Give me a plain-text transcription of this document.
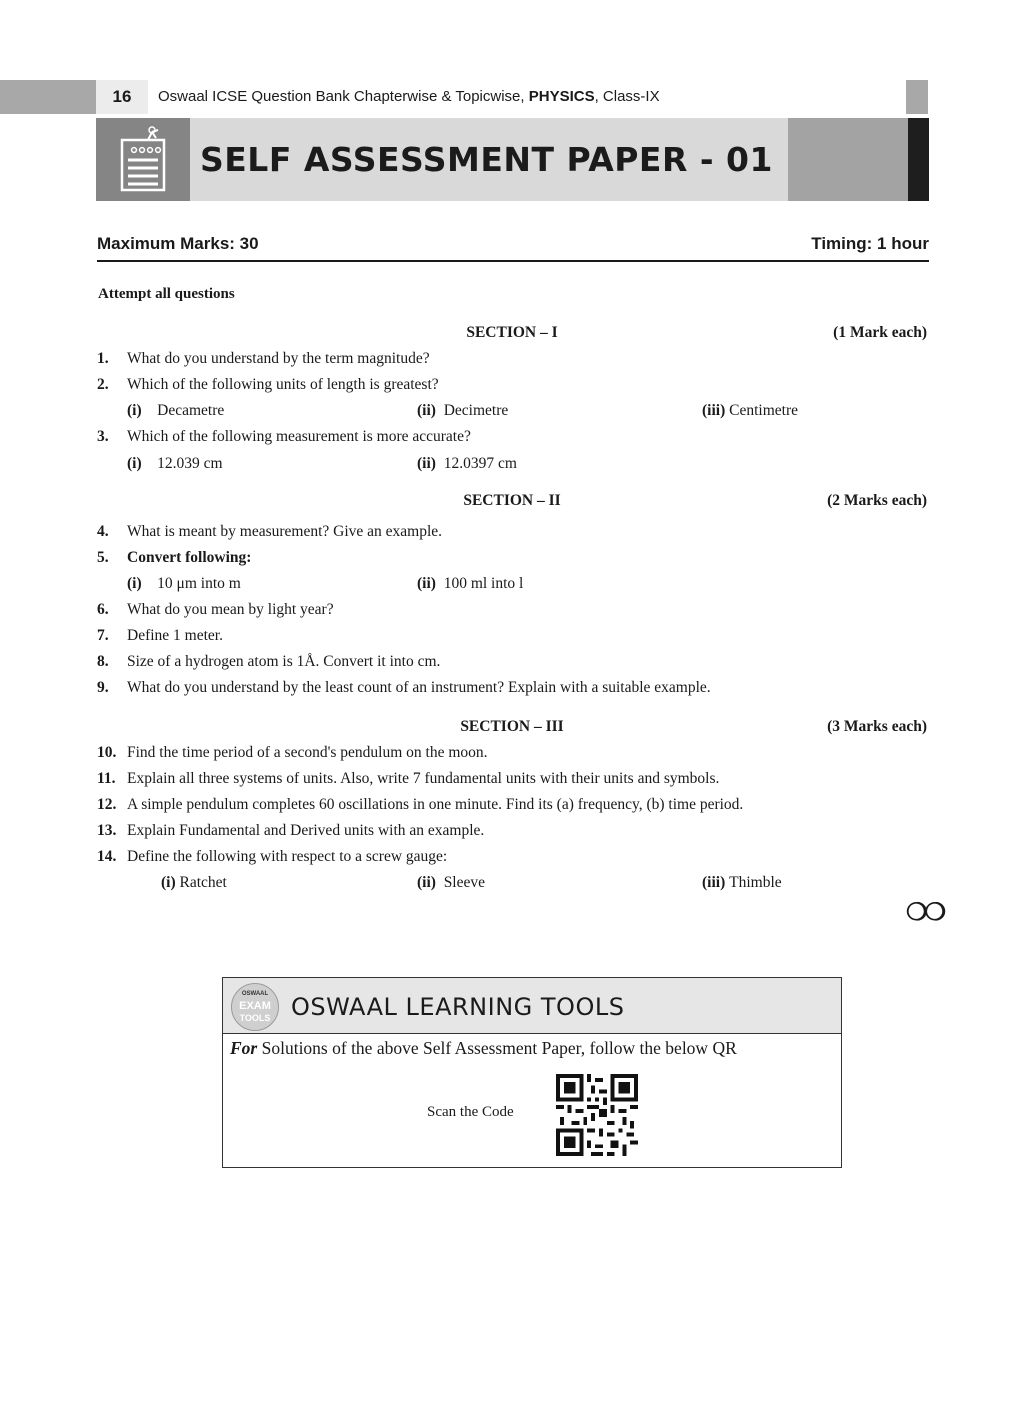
16	Oswaal ICSE Question Bank Chapterwise & Topicwise, PHYSICS, Class-IX
SELF ASSESSMENT PAPER - 01
Maximum Marks: 30	Timing: 1 hour
Attempt all questions
SECTION – I	(1 Mark each)
1. What do you understand by the term magnitude?
2. Which of the following units of length is greatest?
(i) Decametre	(ii) Decimetre	(iii) Centimetre
3. Which of the following measurement is more accurate?
(i) 12.039 cm	(ii) 12.0397 cm
SECTION – II	(2 Marks each)
4. What is meant by measurement? Give an example.
5. Convert following:
(i) 10 μm into m	(ii) 100 ml into l
6. What do you mean by light year?
7. Define 1 meter.
8. Size of a hydrogen atom is 1Å. Convert it into cm.
9. What do you understand by the least count of an instrument? Explain with a suitable example.
SECTION – III	(3 Marks each)
10. Find the time period of a second's pendulum on the moon.
11. Explain all three systems of units. Also, write 7 fundamental units with their units and symbols.
12. A simple pendulum completes 60 oscillations in one minute. Find its (a) frequency, (b) time period.
13. Explain Fundamental and Derived units with an example.
14. Define the following with respect to a screw gauge:
(i) Ratchet	(ii) Sleeve	(iii) Thimble
❍❍
OSWAAL
EXAM
TOOLS OSWAAL LEARNING TOOLS
For Solutions of the above Self Assessment Paper, follow the below QR
Scan the Code
